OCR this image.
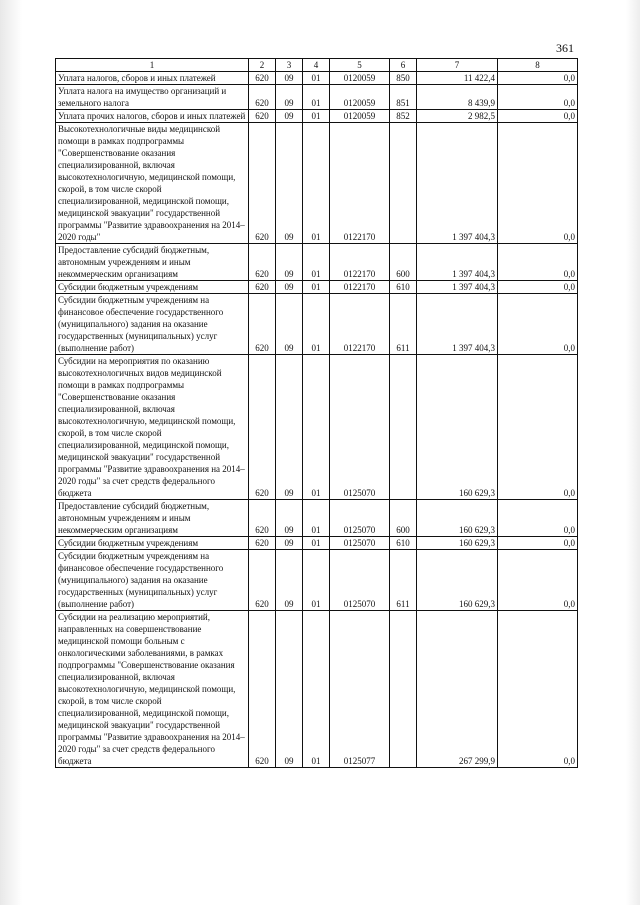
361
1	2	3	4	5	6	7	8
Уплата налогов, сборов и иных платежей	620	09	01	0120059	850	11 422,4	0,0
Уплата налога на имущество организаций и земельного налога	620	09	01	0120059	851	8 439,9	0,0
Уплата прочих налогов, сборов и иных платежей	620	09	01	0120059	852	2 982,5	0,0
Высокотехнологичные виды медицинской помощи в рамках подпрограммы "Совершенствование оказания специализированной, включая высокотехнологичную, медицинской помощи, скорой, в том числе скорой специализированной, медицинской помощи, медицинской эвакуации" государственной программы "Развитие здравоохранения на 2014–2020 годы"	620	09	01	0122170		1 397 404,3	0,0
Предоставление субсидий бюджетным, автономным учреждениям и иным некоммерческим организациям	620	09	01	0122170	600	1 397 404,3	0,0
Субсидии бюджетным учреждениям	620	09	01	0122170	610	1 397 404,3	0,0
Субсидии бюджетным учреждениям на финансовое обеспечение государственного (муниципального) задания на оказание государственных (муниципальных) услуг (выполнение работ)	620	09	01	0122170	611	1 397 404,3	0,0
Субсидии на мероприятия по оказанию высокотехнологичных видов медицинской помощи в рамках подпрограммы "Совершенствование оказания специализированной, включая высокотехнологичную, медицинской помощи, скорой, в том числе скорой специализированной, медицинской помощи, медицинской эвакуации" государственной программы "Развитие здравоохранения на 2014–2020 годы" за счет средств федерального бюджета	620	09	01	0125070		160 629,3	0,0
Предоставление субсидий бюджетным, автономным учреждениям и иным некоммерческим организациям	620	09	01	0125070	600	160 629,3	0,0
Субсидии бюджетным учреждениям	620	09	01	0125070	610	160 629,3	0,0
Субсидии бюджетным учреждениям на финансовое обеспечение государственного (муниципального) задания на оказание государственных (муниципальных) услуг (выполнение работ)	620	09	01	0125070	611	160 629,3	0,0
Субсидии на реализацию мероприятий, направленных на совершенствование медицинской помощи больным с онкологическими заболеваниями, в рамках подпрограммы "Совершенствование оказания специализированной, включая высокотехнологичную, медицинской помощи, скорой, в том числе скорой специализированной, медицинской помощи, медицинской эвакуации" государственной программы "Развитие здравоохранения на 2014–2020 годы" за счет средств федерального бюджета	620	09	01	0125077		267 299,9	0,0
